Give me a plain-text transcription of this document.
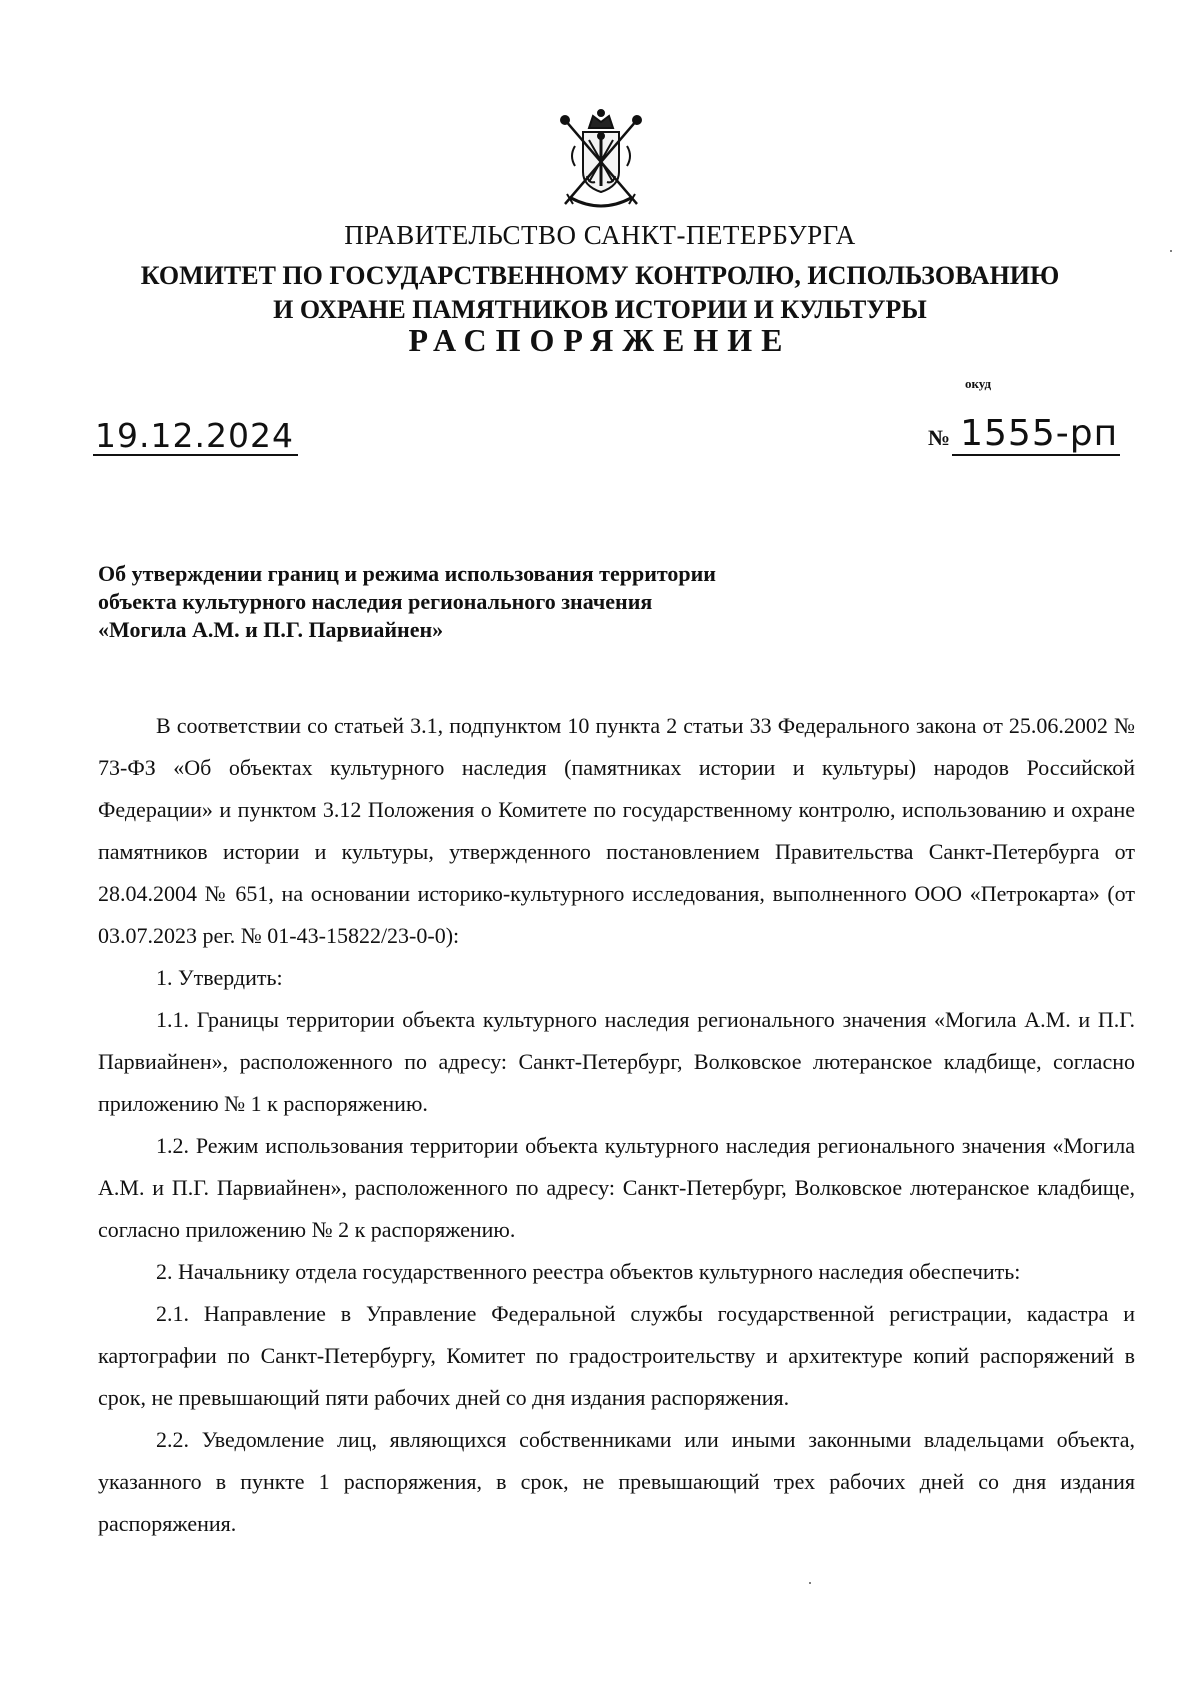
ПРАВИТЕЛЬСТВО САНКТ-ПЕТЕРБУРГА
КОМИТЕТ ПО ГОСУДАРСТВЕННОМУ КОНТРОЛЮ, ИСПОЛЬЗОВАНИЮ
И ОХРАНЕ ПАМЯТНИКОВ ИСТОРИИ И КУЛЬТУРЫ
РАСПОРЯЖЕНИЕ
окуд
19.12.2024	№ 1555-рп
Об утверждении границ и режима использования территории
объекта культурного наследия регионального значения
«Могила А.М. и П.Г. Парвиайнен»

В соответствии со статьей 3.1, подпунктом 10 пункта 2 статьи 33 Федерального закона от 25.06.2002 № 73-ФЗ «Об объектах культурного наследия (памятниках истории и культуры) народов Российской Федерации» и пунктом 3.12 Положения о Комитете по государственному контролю, использованию и охране памятников истории и культуры, утвержденного постановлением Правительства Санкт-Петербурга от 28.04.2004 № 651, на основании историко-культурного исследования, выполненного ООО «Петрокарта» (от 03.07.2023 рег. № 01-43-15822/23-0-0):

1. Утвердить:

1.1. Границы территории объекта культурного наследия регионального значения «Могила А.М. и П.Г. Парвиайнен», расположенного по адресу: Санкт-Петербург, Волковское лютеранское кладбище, согласно приложению № 1 к распоряжению.

1.2. Режим использования территории объекта культурного наследия регионального значения «Могила А.М. и П.Г. Парвиайнен», расположенного по адресу: Санкт-Петербург, Волковское лютеранское кладбище, согласно приложению № 2 к распоряжению.

2. Начальнику отдела государственного реестра объектов культурного наследия обеспечить:

2.1. Направление в Управление Федеральной службы государственной регистрации, кадастра и картографии по Санкт-Петербургу, Комитет по градостроительству и архитектуре копий распоряжений в срок, не превышающий пяти рабочих дней со дня издания распоряжения.

2.2. Уведомление лиц, являющихся собственниками или иными законными владельцами объекта, указанного в пункте 1 распоряжения, в срок, не превышающий трех рабочих дней со дня издания распоряжения.
